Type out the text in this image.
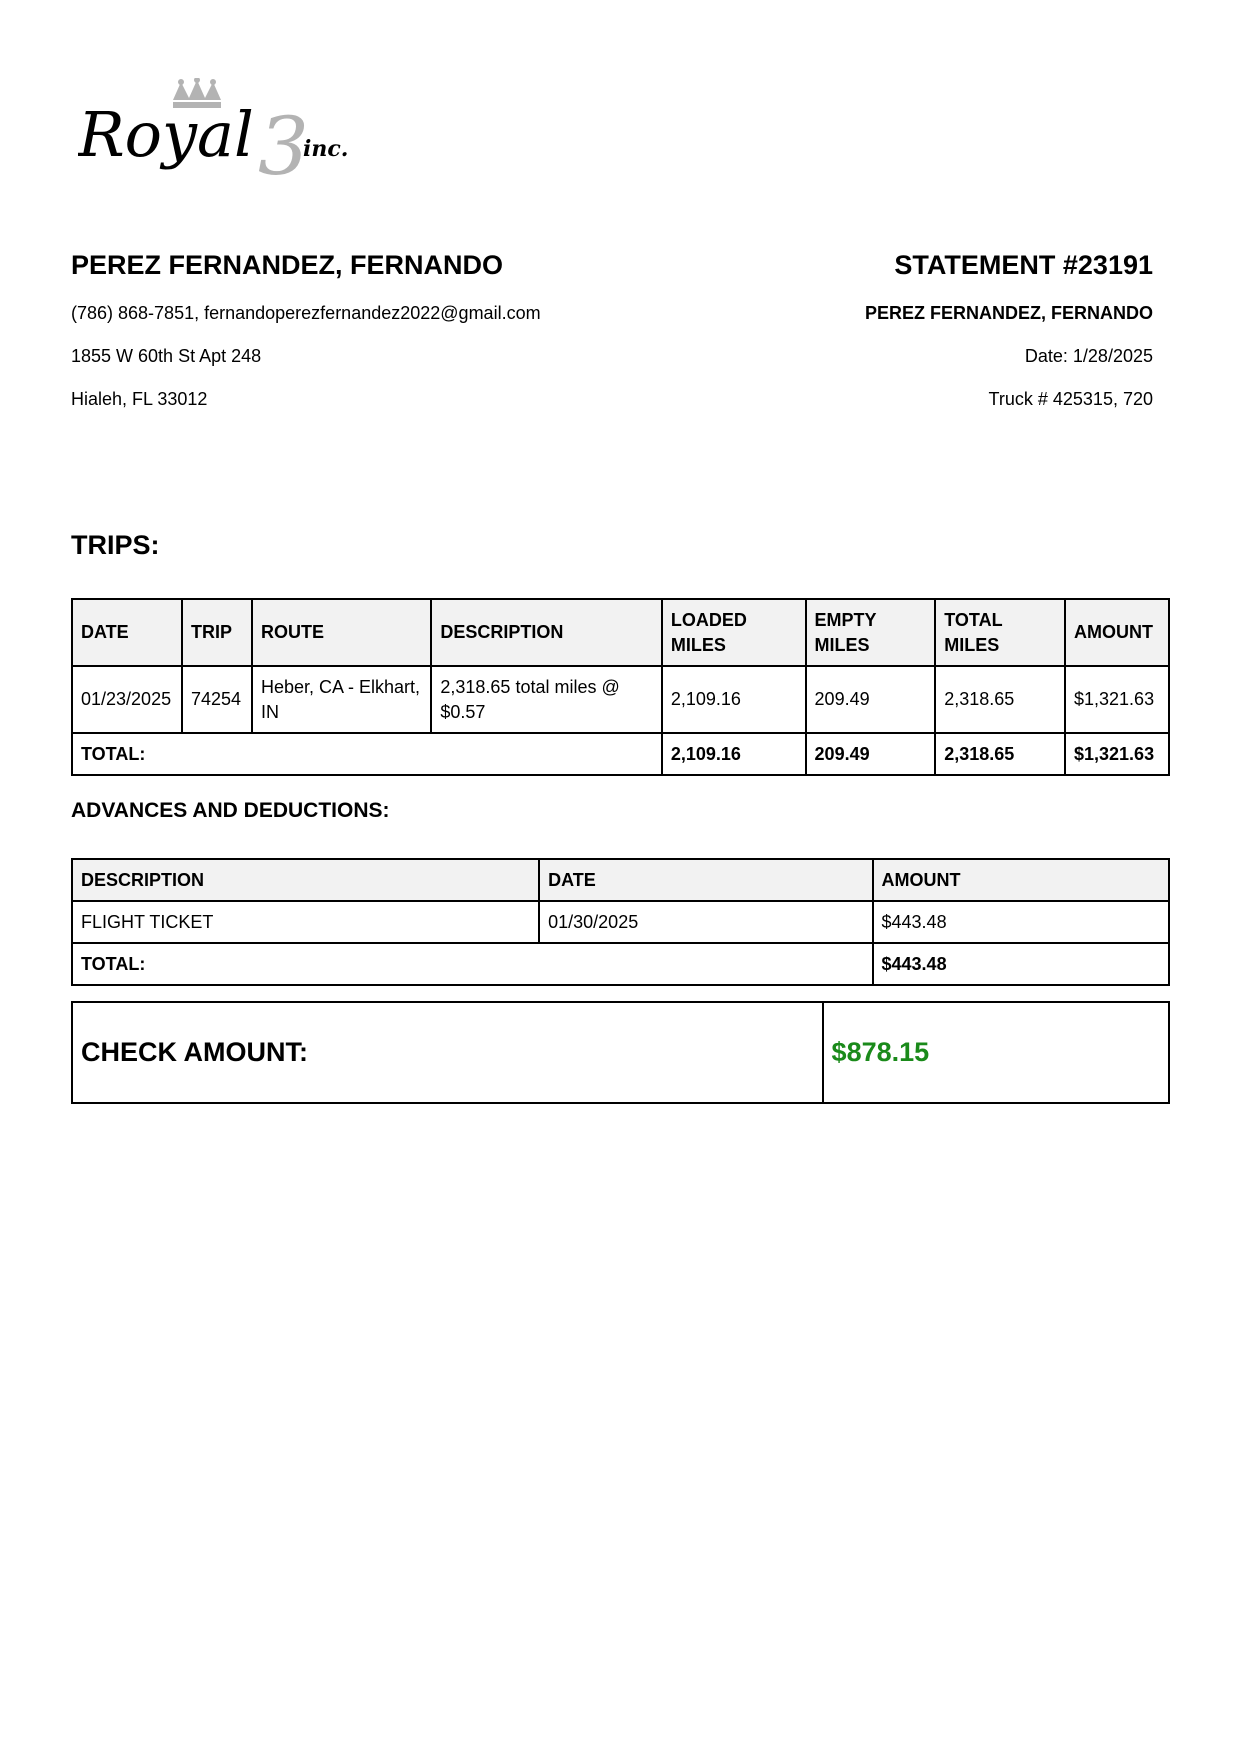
Royal 3
inc.
PEREZ FERNANDEZ, FERNANDO
(786) 868-7851, fernandoperezfernandez2022@gmail.com
1855 W 60th St Apt 248
Hialeh, FL 33012
STATEMENT #23191
PEREZ FERNANDEZ, FERNANDO
Date: 1/28/2025
Truck # 425315, 720
TRIPS:
DATE	TRIP	ROUTE	DESCRIPTION	LOADED MILES	EMPTY MILES	TOTAL MILES	AMOUNT
01/23/2025	74254	Heber, CA - Elkhart, IN	2,318.65 total miles @ $0.57	2,109.16	209.49	2,318.65	$1,321.63
TOTAL:				2,109.16	209.49	2,318.65	$1,321.63
ADVANCES AND DEDUCTIONS:
DESCRIPTION	DATE	AMOUNT
FLIGHT TICKET	01/30/2025	$443.48
TOTAL:		$443.48
CHECK AMOUNT:	$878.15
